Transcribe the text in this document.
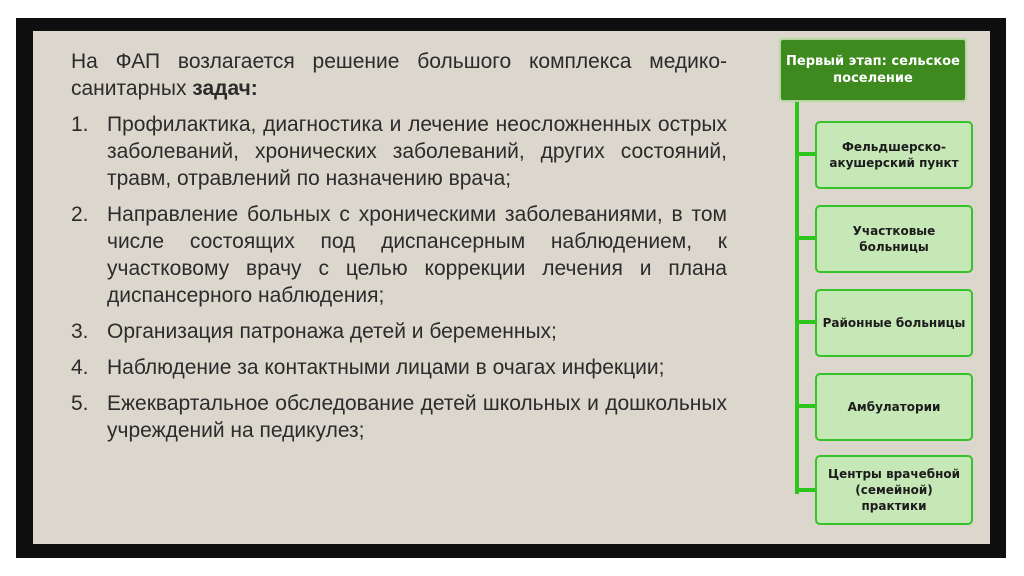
На ФАП возлагается решение большого комплекса медико-санитарных задач:

1. Профилактика, диагностика и лечение неосложненных острых заболеваний, хронических заболеваний, других состояний, травм, отравлений по назначению врача;
2. Направление больных с хроническими заболеваниями, в том числе состоящих под диспансерным наблюдением, к участковому врачу с целью коррекции лечения и плана диспансерного наблюдения;
3. Организация патронажа детей и беременных;
4. Наблюдение за контактными лицами в очагах инфекции;
5. Ежеквартальное обследование детей школьных и дошкольных учреждений на педикулез;
Первый этап: сельское поселение
Фельдшерско-акушерский пункт
Участковые больницы
Районные больницы
Амбулатории
Центры врачебной (семейной) практики
